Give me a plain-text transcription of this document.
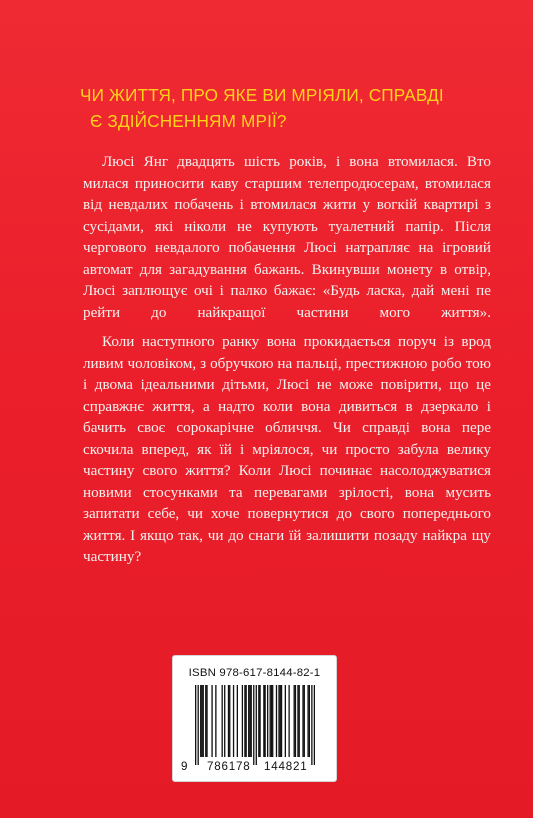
ЧИ ЖИТТЯ, ПРО ЯКЕ ВИ МРІЯЛИ, СПРАВДІ
Є ЗДІЙСНЕННЯМ МРІЇ?

Люсі Янг двадцять шість років, і вона втомилася. Вто милася приносити каву старшим телепродюсерам, втомилася від невдалих побачень і втомилася жити у вогкій квартирі з сусідами, які ніколи не купують туалетний папір. Після чергового невдалого побачення Люсі натрапляє на ігровий автомат для загадування бажань. Вкинувши монету в отвір, Люсі заплющує очі і палко бажає: «Будь ласка, дай мені пе рейти до найкращої частини мого життя».

Коли наступного ранку вона прокидається поруч із врод ливим чоловіком, з обручкою на пальці, престижною робо тою і двома ідеальними дітьми, Люсі не може повірити, що це справжнє життя, а надто коли вона дивиться в дзеркало і бачить своє сорокарічне обличчя. Чи справді вона пере скочила вперед, як їй і мріялося, чи просто забула велику частину свого життя? Коли Люсі починає насолоджуватися новими стосунками та перевагами зрілості, вона мусить запитати себе, чи хоче повернутися до свого попереднього життя. І якщо так, чи до снаги їй залишити позаду найкра щу частину?

ISBN 978-617-8144-82-1
9 786178 144821
